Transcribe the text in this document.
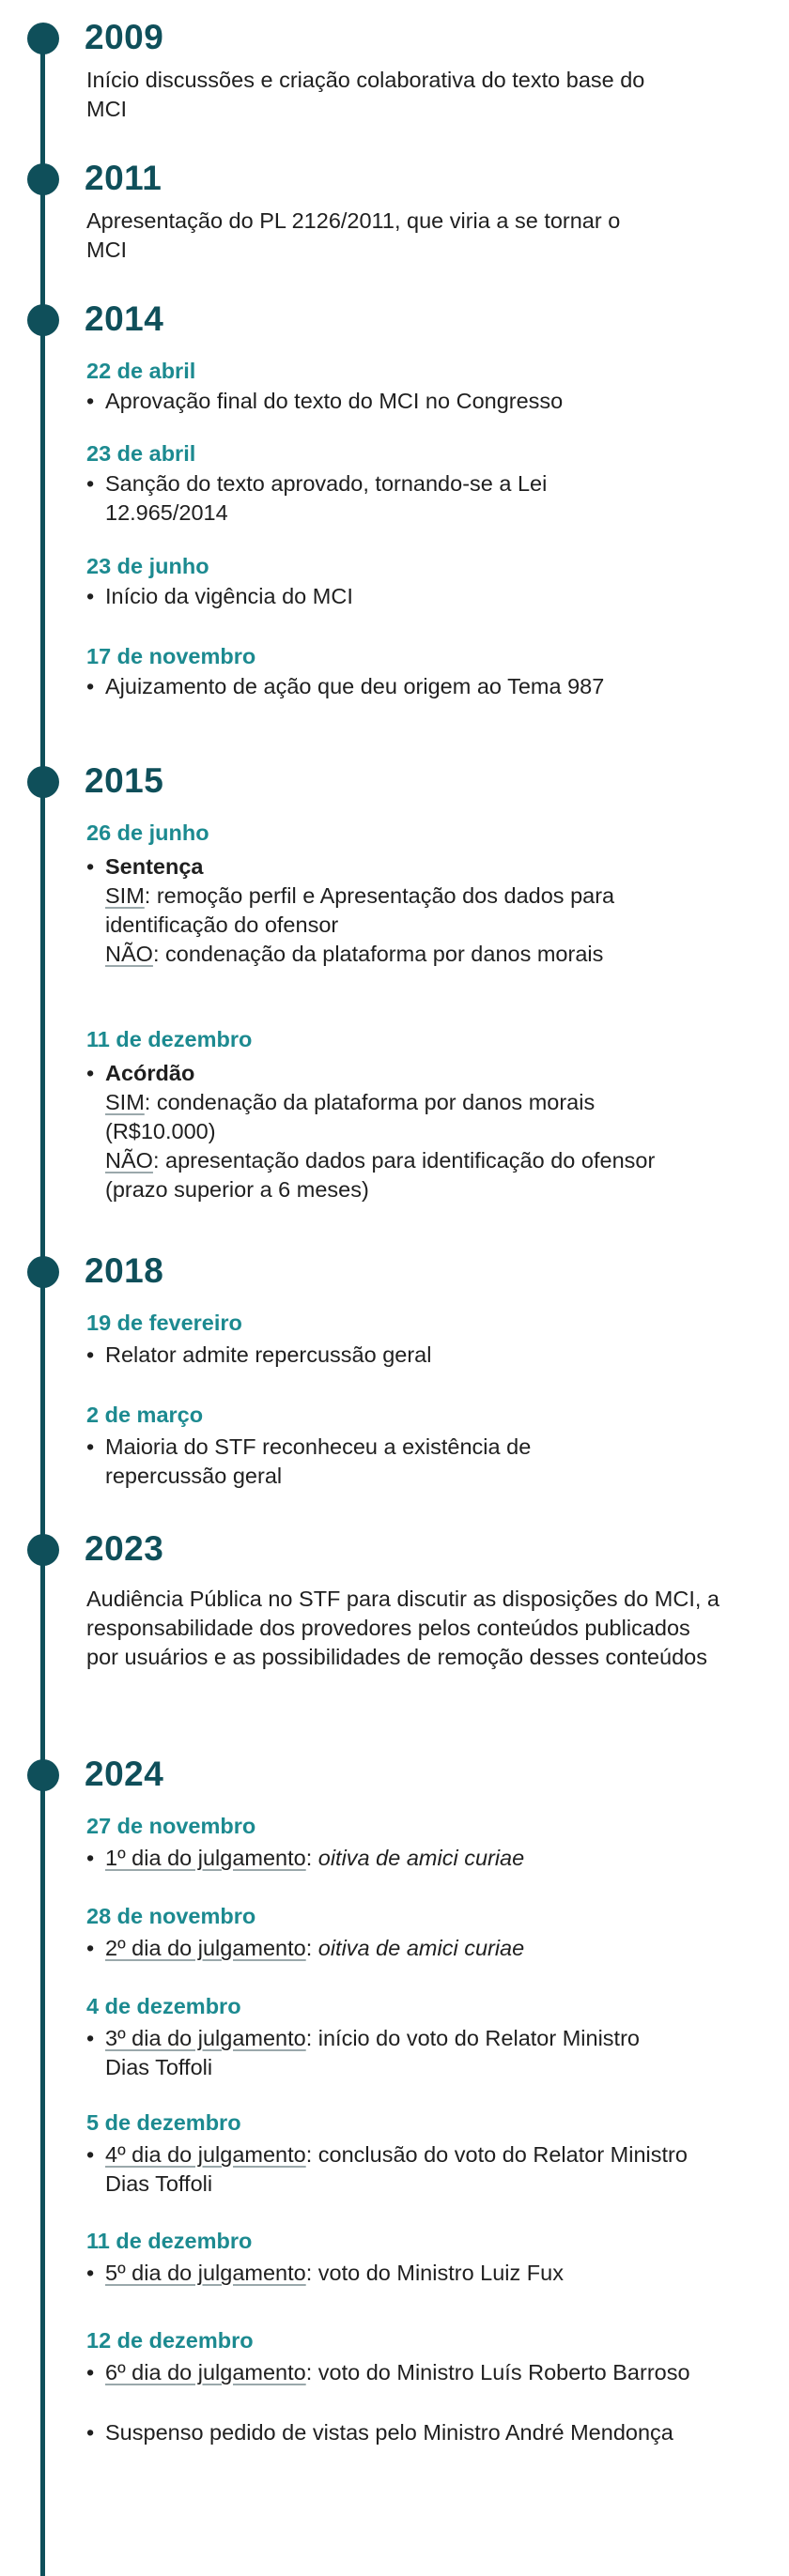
2009
Início discussões e criação colaborativa do texto base do MCI
2011
Apresentação do PL 2126/2011, que viria a se tornar o MCI
2014
22 de abril
• Aprovação final do texto do MCI no Congresso
23 de abril
• Sanção do texto aprovado, tornando-se a Lei 12.965/2014
23 de junho
• Início da vigência do MCI
17 de novembro
• Ajuizamento de ação que deu origem ao Tema 987
2015
26 de junho
• Sentença
SIM: remoção perfil e Apresentação dos dados para identificação do ofensor
NÃO: condenação da plataforma por danos morais
11 de dezembro
• Acórdão
SIM: condenação da plataforma por danos morais (R$10.000)
NÃO: apresentação dados para identificação do ofensor (prazo superior a 6 meses)
2018
19 de fevereiro
• Relator admite repercussão geral
2 de março
• Maioria do STF reconheceu a existência de repercussão geral
2023
Audiência Pública no STF para discutir as disposições do MCI, a responsabilidade dos provedores pelos conteúdos publicados por usuários e as possibilidades de remoção desses conteúdos
2024
27 de novembro
• 1º dia do julgamento: oitiva de amici curiae
28 de novembro
• 2º dia do julgamento: oitiva de amici curiae
4 de dezembro
• 3º dia do julgamento: início do voto do Relator Ministro Dias Toffoli
5 de dezembro
• 4º dia do julgamento: conclusão do voto do Relator Ministro Dias Toffoli
11 de dezembro
• 5º dia do julgamento: voto do Ministro Luiz Fux
12 de dezembro
• 6º dia do julgamento: voto do Ministro Luís Roberto Barroso
• Suspenso pedido de vistas pelo Ministro André Mendonça
